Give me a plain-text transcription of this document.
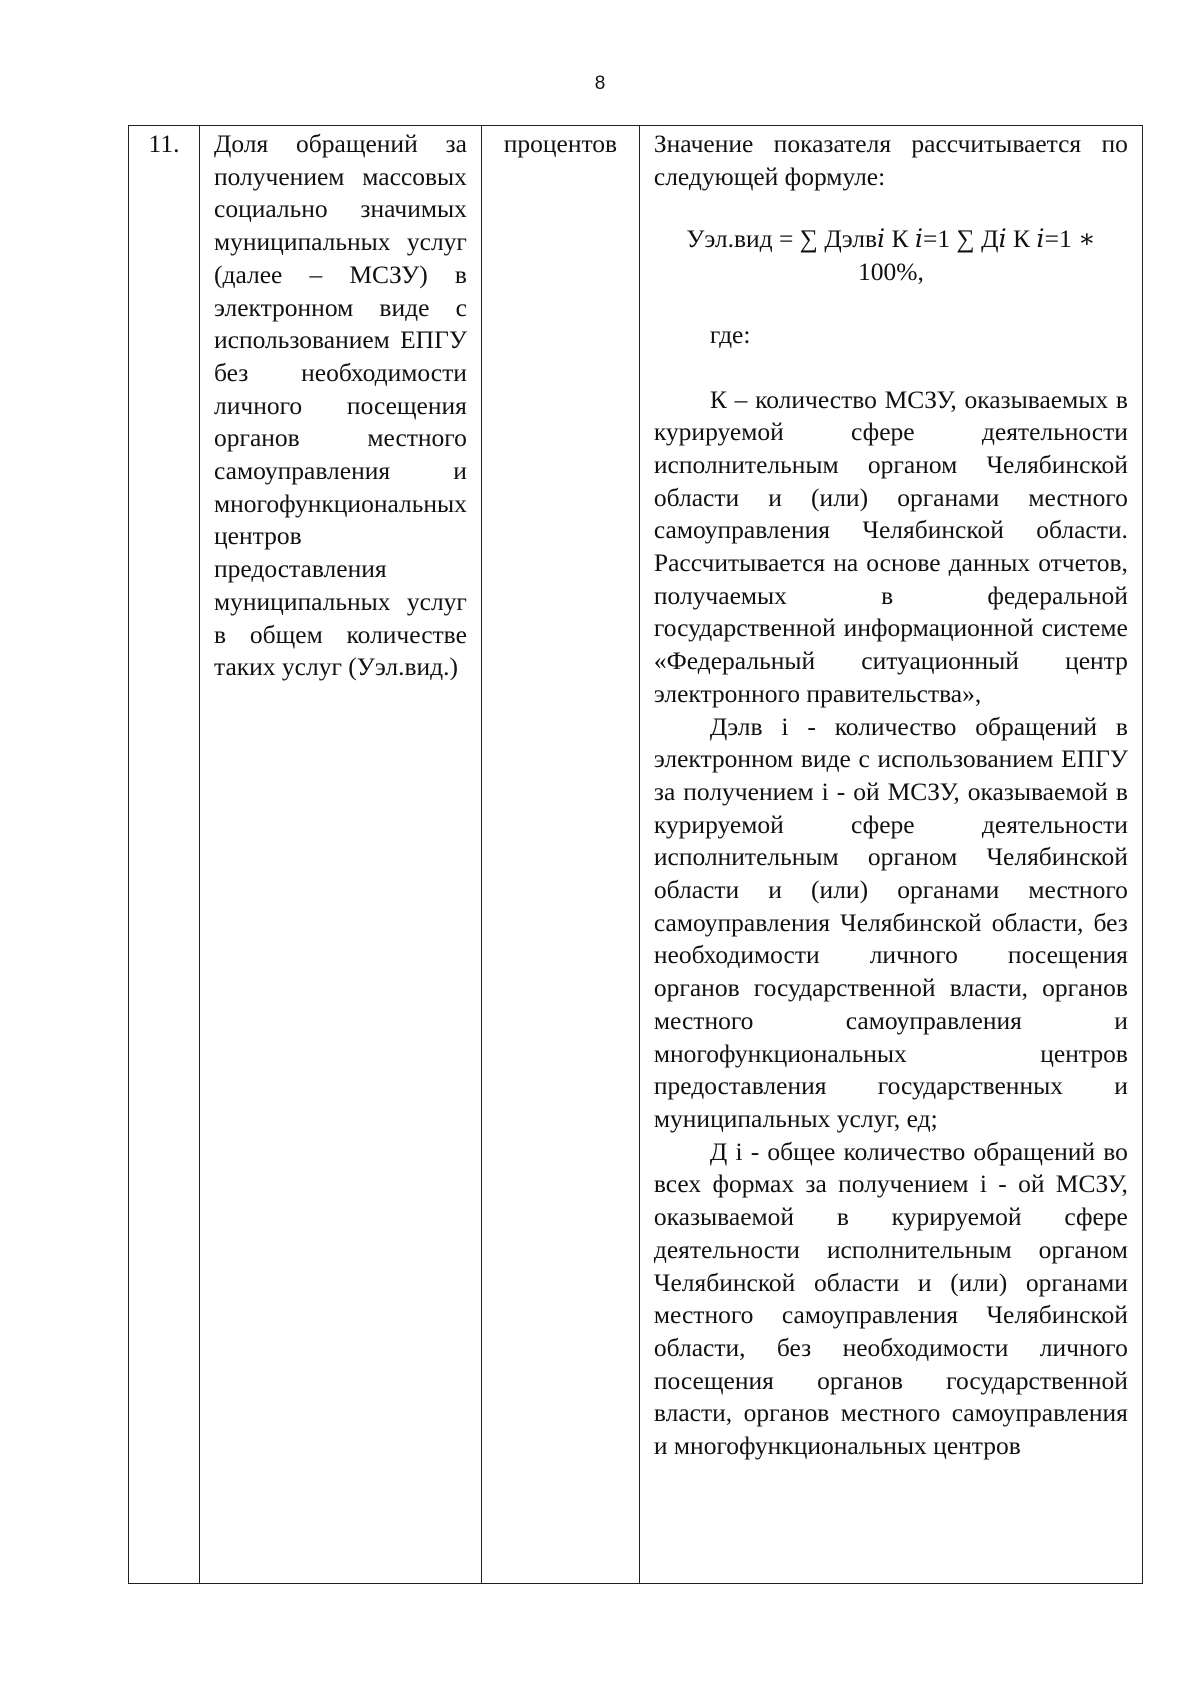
8
11.	Доля обращений за получением массовых социально значимых муниципальных услуг (далее – МСЗУ) в электронном виде с использованием ЕПГУ без необходимости личного посещения органов местного самоуправления и многофункциональных центров предоставления муниципальных услуг в общем количестве таких услуг (Уэл.вид.)	процентов	Значение показателя рассчитывается по следующей формуле:

Уэл.вид = ∑ Дэлв𝑖 К 𝑖=1 ∑ Д𝑖 К 𝑖=1 ∗ 100%,

где:

К – количество МСЗУ, оказываемых в курируемой сфере деятельности исполнительным органом Челябинской области и (или) органами местного самоуправления Челябинской области. Рассчитывается на основе данных отчетов, получаемых в федеральной государственной информационной системе «Федеральный ситуационный центр электронного правительства»,

Дэлв i - количество обращений в электронном виде с использованием ЕПГУ за получением i - ой МСЗУ, оказываемой в курируемой сфере деятельности исполнительным органом Челябинской области и (или) органами местного самоуправления Челябинской области, без необходимости личного посещения органов государственной власти, органов местного самоуправления и многофункциональных центров предоставления государственных и муниципальных услуг, ед;

Д i - общее количество обращений во всех формах за получением i - ой МСЗУ, оказываемой в курируемой сфере деятельности исполнительным органом Челябинской области и (или) органами местного самоуправления Челябинской области, без необходимости личного посещения органов государственной власти, органов местного самоуправления и многофункциональных центров
